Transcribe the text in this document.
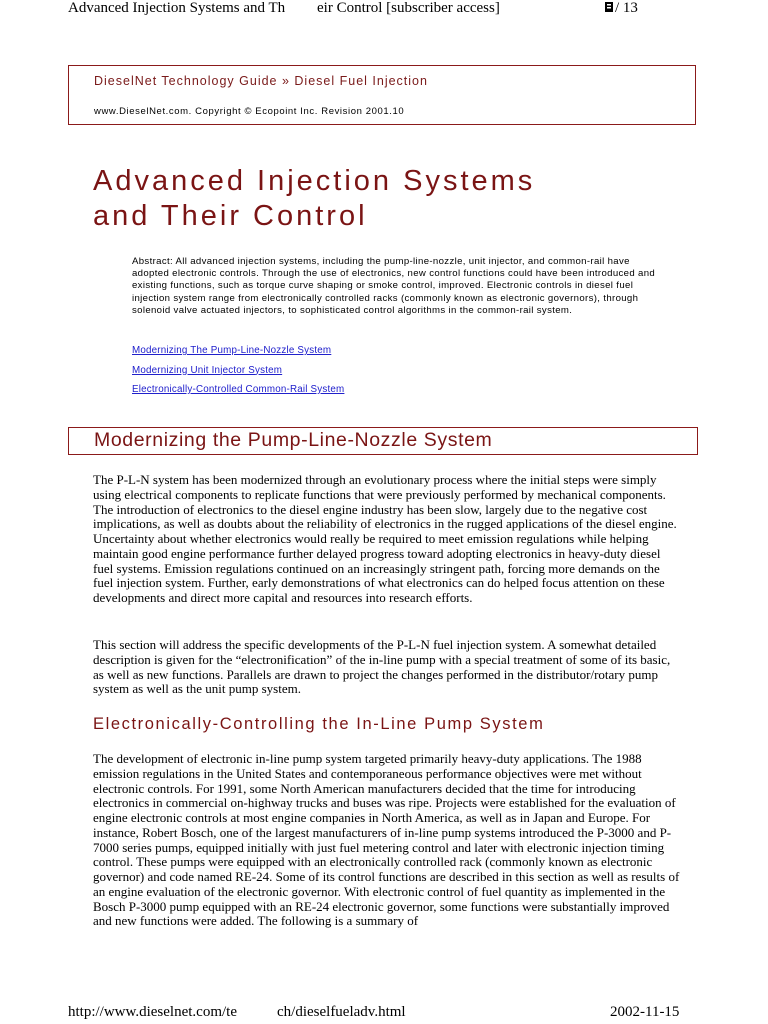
Advanced Injection Systems and Th eir Control [subscriber access]	/ 13
DieselNet Technology Guide » Diesel Fuel Injection
www.DieselNet.com. Copyright © Ecopoint Inc. Revision 2001.10
Advanced Injection Systems
and Their Control

Abstract: All advanced injection systems, including the pump-line-nozzle, unit injector, and common-rail have adopted electronic controls. Through the use of electronics, new control functions could have been introduced and existing functions, such as torque curve shaping or smoke control, improved. Electronic controls in diesel fuel injection system range from electronically controlled racks (commonly known as electronic governors), through solenoid valve actuated injectors, to sophisticated control algorithms in the common-rail system.

Modernizing The Pump-Line-Nozzle System
Modernizing Unit Injector System
Electronically-Controlled Common-Rail System
Modernizing the Pump-Line-Nozzle System

The P-L-N system has been modernized through an evolutionary process where the initial steps were simply using electrical components to replicate functions that were previously performed by mechanical components. The introduction of electronics to the diesel engine industry has been slow, largely due to the negative cost implications, as well as doubts about the reliability of electronics in the rugged applications of the diesel engine. Uncertainty about whether electronics would really be required to meet emission regulations while helping maintain good engine performance further delayed progress toward adopting electronics in heavy-duty diesel fuel systems. Emission regulations continued on an increasingly stringent path, forcing more demands on the fuel injection system. Further, early demonstrations of what electronics can do helped focus attention on these developments and direct more capital and resources into research efforts.

This section will address the specific developments of the P-L-N fuel injection system. A somewhat detailed description is given for the “electronification” of the in-line pump with a special treatment of some of its basic, as well as new functions. Parallels are drawn to project the changes performed in the distributor/rotary pump system as well as the unit pump system.

Electronically-Controlling the In-Line Pump System

The development of electronic in-line pump system targeted primarily heavy-duty applications. The 1988 emission regulations in the United States and contemporaneous performance objectives were met without electronic controls. For 1991, some North American manufacturers decided that the time for introducing electronics in commercial on-highway trucks and buses was ripe. Projects were established for the evaluation of engine electronic controls at most engine companies in North America, as well as in Japan and Europe. For instance, Robert Bosch, one of the largest manufacturers of in-line pump systems introduced the P-3000 and P-7000 series pumps, equipped initially with just fuel metering control and later with electronic injection timing control. These pumps were equipped with an electronically controlled rack (commonly known as electronic governor) and code named RE-24. Some of its control functions are described in this section as well as results of an engine evaluation of the electronic governor. With electronic control of fuel quantity as implemented in the Bosch P-3000 pump equipped with an RE-24 electronic governor, some functions were substantially improved and new functions were added. The following is a summary of

http://www.dieselnet.com/te	ch/dieselfueladv.html	2002-11-15
